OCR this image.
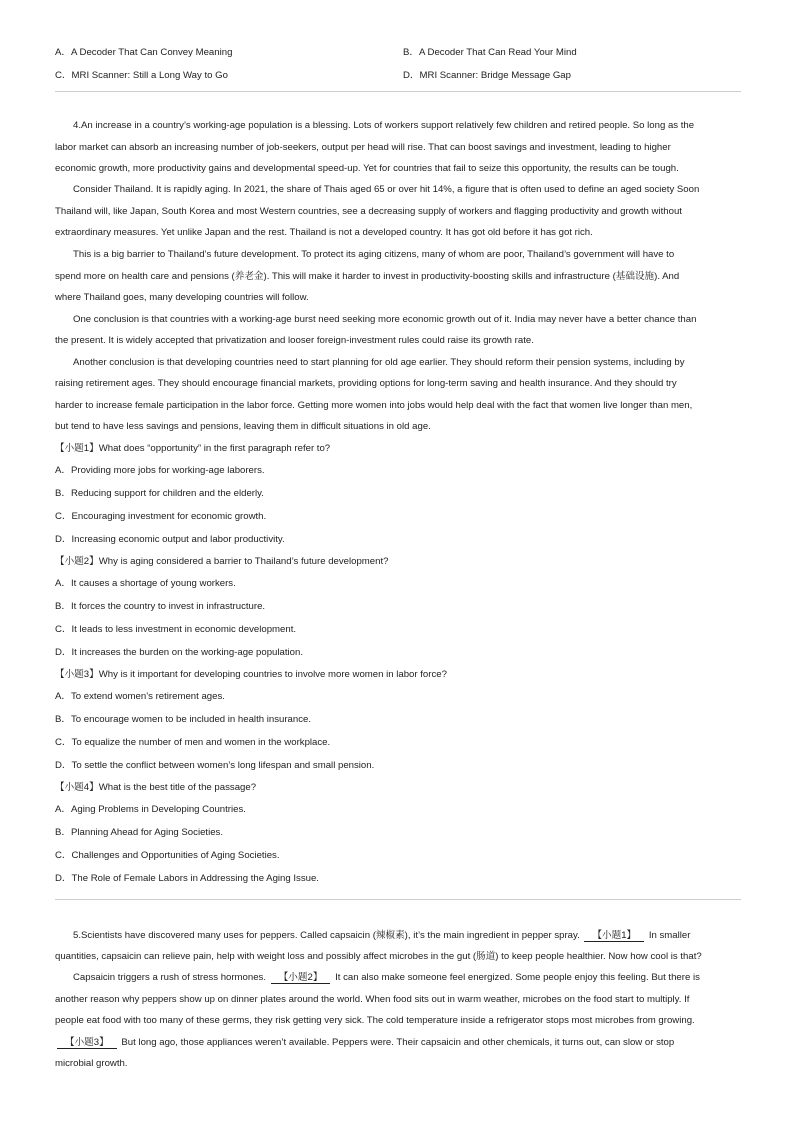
A．A Decoder That Can Convey Meaning	B．A Decoder That Can Read Your Mind
C．MRI Scanner: Still a Long Way to Go	D．MRI Scanner: Bridge Message Gap
4.An increase in a country’s working-age population is a blessing. Lots of workers support relatively few children and retired people. So long as the
labor market can absorb an increasing number of job-seekers, output per head will rise. That can boost savings and investment, leading to higher
economic growth, more productivity gains and developmental speed-up. Yet for countries that fail to seize this opportunity, the results can be tough.
Consider Thailand. It is rapidly aging. In 2021, the share of Thais aged 65 or over hit 14%, a figure that is often used to define an aged society Soon
Thailand will, like Japan, South Korea and most Western countries, see a decreasing supply of workers and flagging productivity and growth without
extraordinary measures. Yet unlike Japan and the rest. Thailand is not a developed country. It has got old before it has got rich.
This is a big barrier to Thailand’s future development. To protect its aging citizens, many of whom are poor, Thailand’s government will have to
spend more on health care and pensions (养老金). This will make it harder to invest in productivity-boosting skills and infrastructure (基础设施). And
where Thailand goes, many developing countries will follow.
One conclusion is that countries with a working-age burst need seeking more economic growth out of it. India may never have a better chance than
the present. It is widely accepted that privatization and looser foreign-investment rules could raise its growth rate.
Another conclusion is that developing countries need to start planning for old age earlier. They should reform their pension systems, including by
raising retirement ages. They should encourage financial markets, providing options for long-term saving and health insurance. And they should try
harder to increase female participation in the labor force. Getting more women into jobs would help deal with the fact that women live longer than men,
but tend to have less savings and pensions, leaving them in difficult situations in old age.
【小题1】What does “opportunity” in the first paragraph refer to?
A．Providing more jobs for working-age laborers.
B．Reducing support for children and the elderly.
C．Encouraging investment for economic growth.
D．Increasing economic output and labor productivity.
【小题2】Why is aging considered a barrier to Thailand’s future development?
A．It causes a shortage of young workers.
B．It forces the country to invest in infrastructure.
C．It leads to less investment in economic development.
D．It increases the burden on the working-age population.
【小题3】Why is it important for developing countries to involve more women in labor force?
A．To extend women’s retirement ages.
B．To encourage women to be included in health insurance.
C．To equalize the number of men and women in the workplace.
D．To settle the conflict between women’s long lifespan and small pension.
【小题4】What is the best title of the passage?
A．Aging Problems in Developing Countries.
B．Planning Ahead for Aging Societies.
C．Challenges and Opportunities of Aging Societies.
D．The Role of Female Labors in Addressing the Aging Issue.
5.Scientists have discovered many uses for peppers. Called capsaicin (辣椒素), it’s the main ingredient in pepper spray. 【小题1】 In smaller
quantities, capsaicin can relieve pain, help with weight loss and possibly affect microbes in the gut (肠道) to keep people healthier. Now how cool is that?
Capsaicin triggers a rush of stress hormones. 【小题2】 It can also make someone feel energized. Some people enjoy this feeling. But there is
another reason why peppers show up on dinner plates around the world. When food sits out in warm weather, microbes on the food start to multiply. If
people eat food with too many of these germs, they risk getting very sick. The cold temperature inside a refrigerator stops most microbes from growing.
【小题3】 But long ago, those appliances weren’t available. Peppers were. Their capsaicin and other chemicals, it turns out, can slow or stop
microbial growth.
